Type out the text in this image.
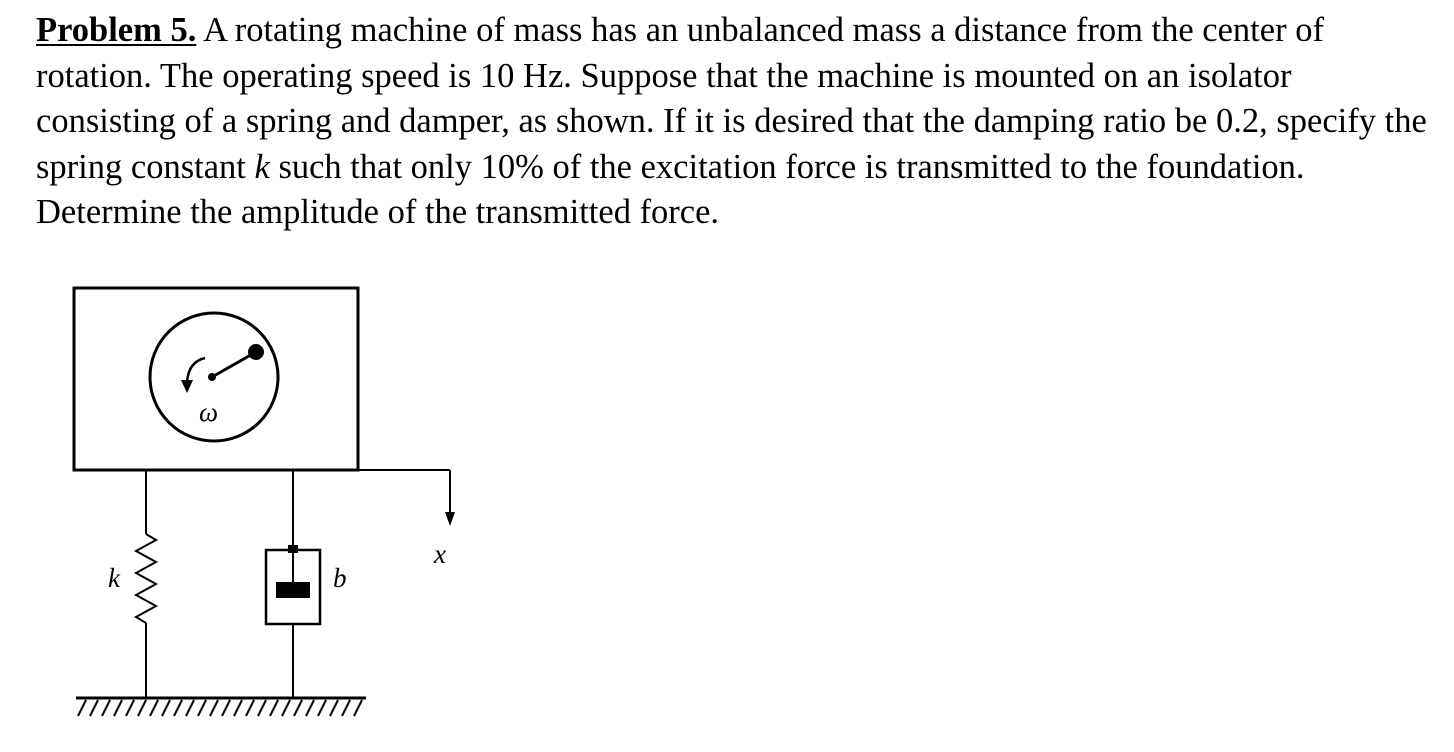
Problem 5. A rotating machine of mass has an unbalanced mass a distance from the center of rotation. The operating speed is 10 Hz. Suppose that the machine is mounted on an isolator consisting of a spring and damper, as shown. If it is desired that the damping ratio be 0.2, specify the spring constant k such that only 10% of the excitation force is transmitted to the foundation. Determine the amplitude of the transmitted force.

ω
x
k	b
